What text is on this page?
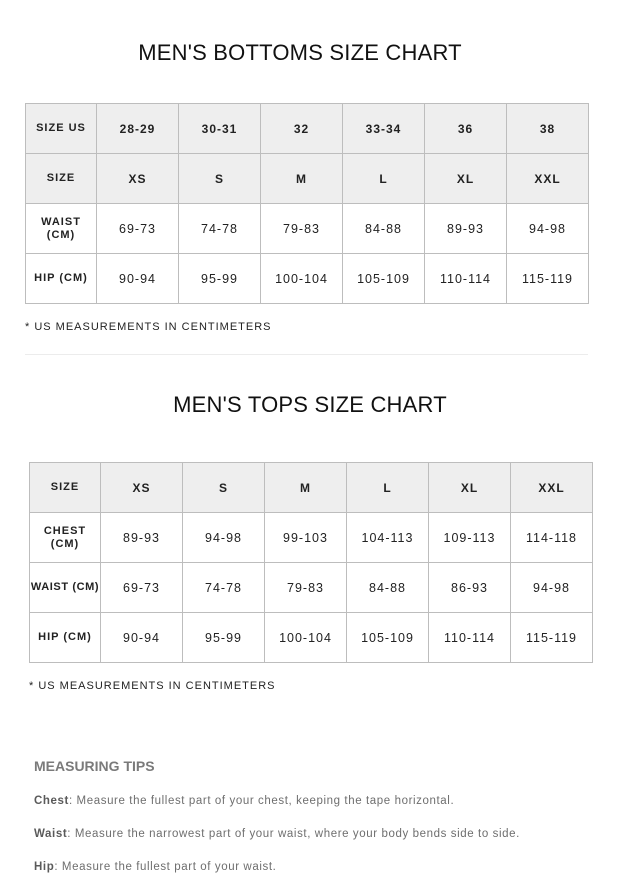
MEN'S BOTTOMS SIZE CHART
SIZE US	28-29	30-31	32	33-34	36	38
SIZE	XS	S	M	L	XL	XXL
WAIST (CM)	69-73	74-78	79-83	84-88	89-93	94-98
HIP (CM)	90-94	95-99	100-104	105-109	110-114	115-119
* US MEASUREMENTS IN CENTIMETERS
MEN'S TOPS SIZE CHART
SIZE	XS	S	M	L	XL	XXL
CHEST (CM)	89-93	94-98	99-103	104-113	109-113	114-118
WAIST (CM)	69-73	74-78	79-83	84-88	86-93	94-98
HIP (CM)	90-94	95-99	100-104	105-109	110-114	115-119
* US MEASUREMENTS IN CENTIMETERS
MEASURING TIPS
Chest: Measure the fullest part of your chest, keeping the tape horizontal.
Waist: Measure the narrowest part of your waist, where your body bends side to side.
Hip: Measure the fullest part of your waist.
